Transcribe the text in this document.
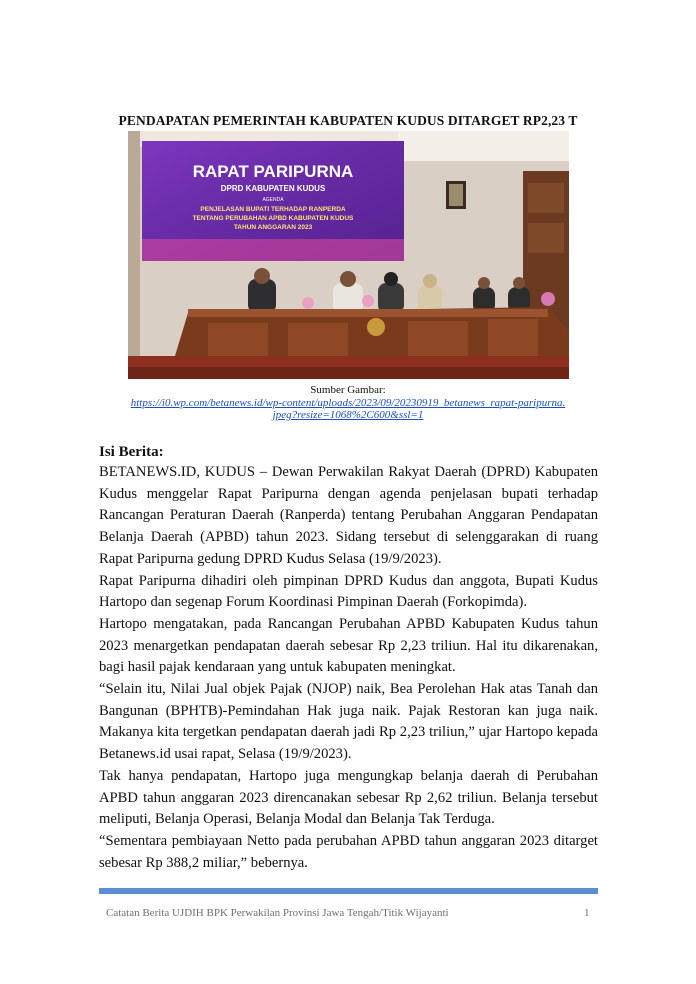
PENDAPATAN PEMERINTAH KABUPATEN KUDUS DITARGET RP2,23 T
RAPAT PARIPURNA
DPRD KABUPATEN KUDUS
AGENDA
PENJELASAN BUPATI TERHADAP RANPERDA
TENTANG PERUBAHAN APBD KABUPATEN KUDUS
TAHUN ANGGARAN 2023
Sumber Gambar:
https://i0.wp.com/betanews.id/wp-content/uploads/2023/09/20230919_betanews_rapat-paripurna.
jpeg?resize=1068%2C600&ssl=1
Isi Berita:

BETANEWS.ID, KUDUS – Dewan Perwakilan Rakyat Daerah (DPRD) Kabupaten Kudus menggelar Rapat Paripurna dengan agenda penjelasan bupati terhadap Rancangan Peraturan Daerah (Ranperda) tentang Perubahan Anggaran Pendapatan Belanja Daerah (APBD) tahun 2023. Sidang tersebut di selenggarakan di ruang Rapat Paripurna gedung DPRD Kudus Selasa (19/9/2023).

Rapat Paripurna dihadiri oleh pimpinan DPRD Kudus dan anggota, Bupati Kudus Hartopo dan segenap Forum Koordinasi Pimpinan Daerah (Forkopimda).

Hartopo mengatakan, pada Rancangan Perubahan APBD Kabupaten Kudus tahun 2023 menargetkan pendapatan daerah sebesar Rp 2,23 triliun. Hal itu dikarenakan, bagi hasil pajak kendaraan yang untuk kabupaten meningkat.

“Selain itu, Nilai Jual objek Pajak (NJOP) naik, Bea Perolehan Hak atas Tanah dan Bangunan (BPHTB)-Pemindahan Hak juga naik. Pajak Restoran kan juga naik. Makanya kita tergetkan pendapatan daerah jadi Rp 2,23 triliun,” ujar Hartopo kepada Betanews.id usai rapat, Selasa (19/9/2023).

Tak hanya pendapatan, Hartopo juga mengungkap belanja daerah di Perubahan APBD tahun anggaran 2023 direncanakan sebesar Rp 2,62 triliun. Belanja tersebut meliputi, Belanja Operasi, Belanja Modal dan Belanja Tak Terduga.

“Sementara pembiayaan Netto pada perubahan APBD tahun anggaran 2023 ditarget sebesar Rp 388,2 miliar,” bebernya.

Catatan Berita UJDIH BPK Perwakilan Provinsi Jawa Tengah/Titik Wijayanti	1
